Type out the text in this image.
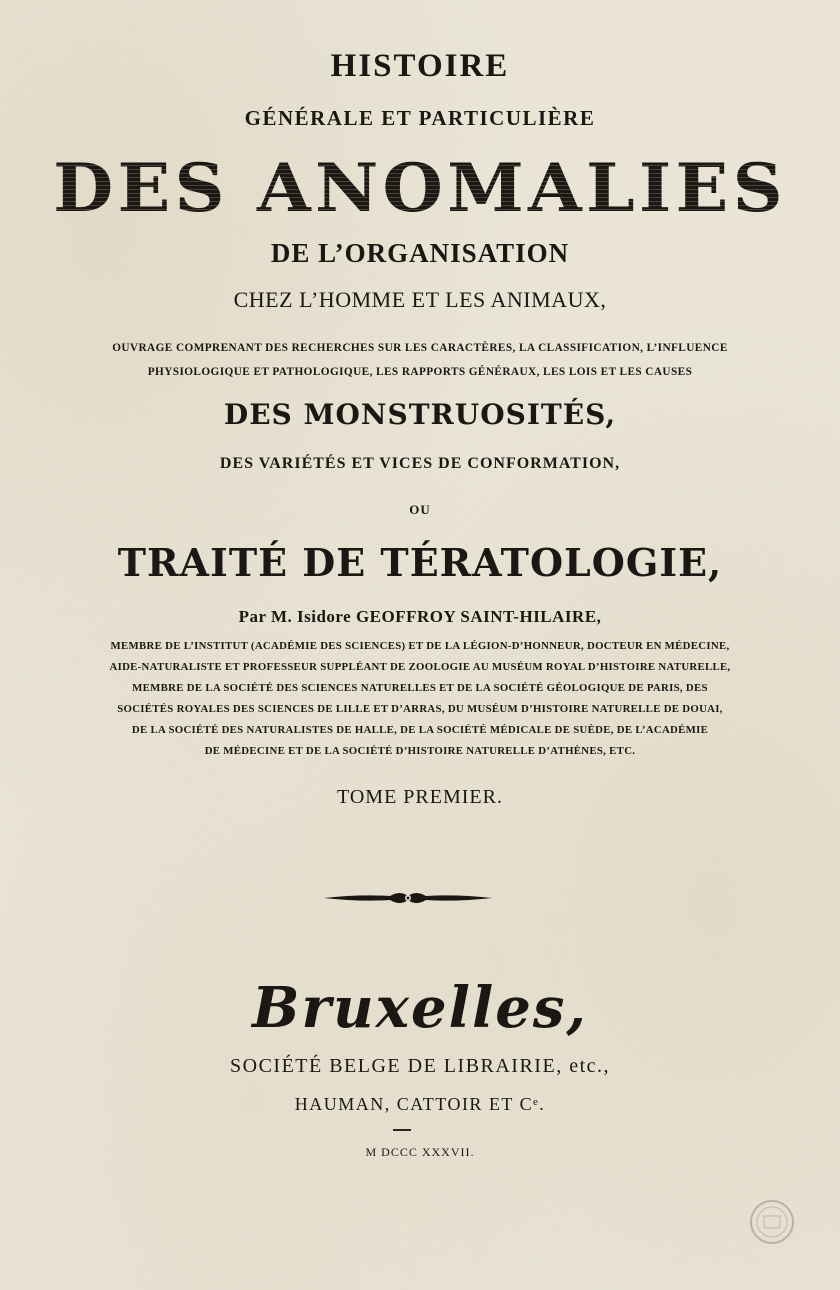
HISTOIRE
GÉNÉRALE ET PARTICULIÈRE
DES ANOMALIES
DE L’ORGANISATION
CHEZ L’HOMME ET LES ANIMAUX,
OUVRAGE COMPRENANT DES RECHERCHES SUR LES CARACTÈRES, LA CLASSIFICATION, L’INFLUENCE
PHYSIOLOGIQUE ET PATHOLOGIQUE, LES RAPPORTS GÉNÉRAUX, LES LOIS ET LES CAUSES
DES MONSTRUOSITÉS,
DES VARIÉTÉS ET VICES DE CONFORMATION,
OU
TRAITÉ DE TÉRATOLOGIE,
Par M. Isidore GEOFFROY SAINT-HILAIRE,
MEMBRE DE L’INSTITUT (ACADÉMIE DES SCIENCES) ET DE LA LÉGION-D’HONNEUR, DOCTEUR EN MÉDECINE,
AIDE-NATURALISTE ET PROFESSEUR SUPPLÉANT DE ZOOLOGIE AU MUSÉUM ROYAL D’HISTOIRE NATURELLE,
MEMBRE DE LA SOCIÉTÉ DES SCIENCES NATURELLES ET DE LA SOCIÉTÉ GÉOLOGIQUE DE PARIS, DES
SOCIÉTÉS ROYALES DES SCIENCES DE LILLE ET D’ARRAS, DU MUSÉUM D’HISTOIRE NATURELLE DE DOUAI,
DE LA SOCIÉTÉ DES NATURALISTES DE HALLE, DE LA SOCIÉTÉ MÉDICALE DE SUÈDE, DE L’ACADÉMIE
DE MÉDECINE ET DE LA SOCIÉTÉ D’HISTOIRE NATURELLE D’ATHÈNES, ETC.
TOME PREMIER.
Bruxelles,
SOCIÉTÉ BELGE DE LIBRAIRIE, etc.,
HAUMAN, CATTOIR ET Cᵉ.
M DCCC XXXVII.
